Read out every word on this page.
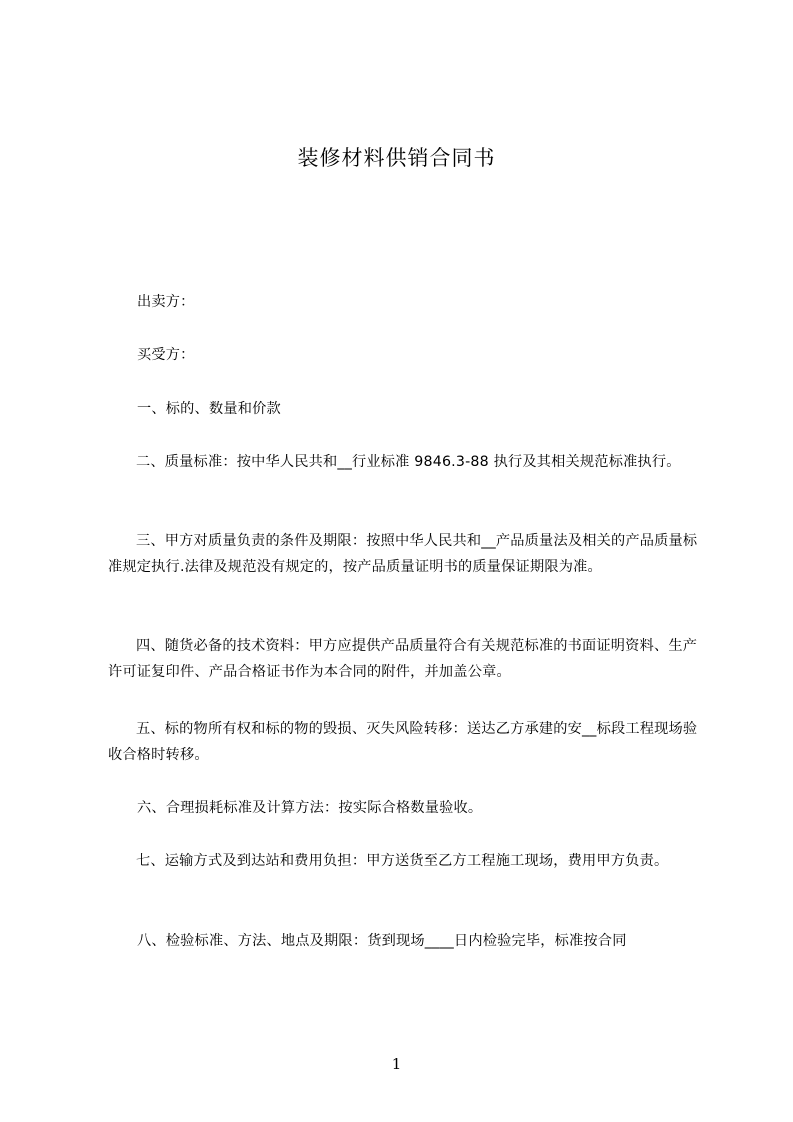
装修材料供销合同书
出卖方：
买受方：
一、标的、数量和价款
二、质量标准：按中华人民共和__行业标准 9846.3-88 执行及其相关规范标准执行。
三、甲方对质量负责的条件及期限：按照中华人民共和__产品质量法及相关的产品质量标准规定执行.法律及规范没有规定的，按产品质量证明书的质量保证期限为准。
四、随货必备的技术资料：甲方应提供产品质量符合有关规范标准的书面证明资料、生产许可证复印件、产品合格证书作为本合同的附件，并加盖公章。
五、标的物所有权和标的物的毁损、灭失风险转移：送达乙方承建的安__标段工程现场验收合格时转移。
六、合理损耗标准及计算方法：按实际合格数量验收。
七、运输方式及到达站和费用负担：甲方送货至乙方工程施工现场，费用甲方负责。
八、检验标准、方法、地点及期限：货到现场____日内检验完毕，标准按合同
1
